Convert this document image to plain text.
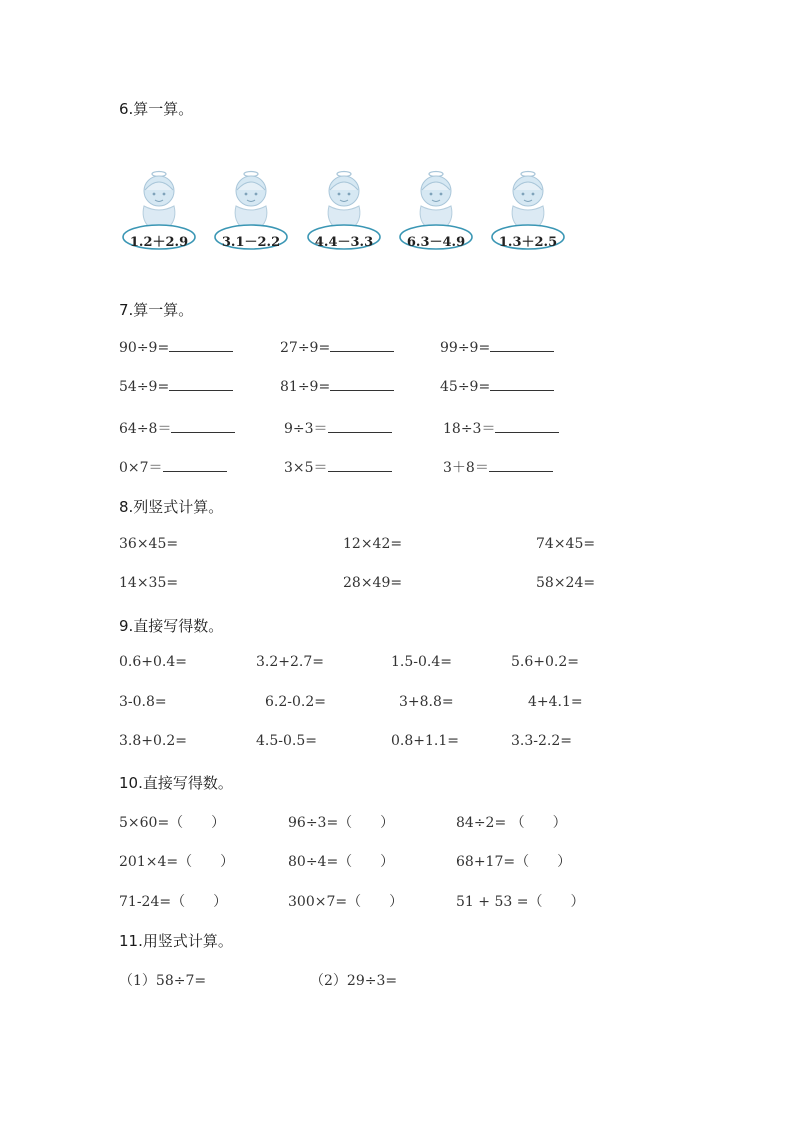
6.算一算。
1.2＋2.9	3.1－2.2	4.4－3.3	6.3－4.9	1.3＋2.5
7.算一算。
90÷9=	27÷9=	99÷9=
54÷9=	81÷9=	45÷9=
64÷8＝	9÷3＝	18÷3＝
0×7＝	3×5＝	3＋8＝
8.列竖式计算。
36×45=	12×42=	74×45=
14×35=	28×49=	58×24=
9.直接写得数。
0.6+0.4=	3.2+2.7=	1.5-0.4=	5.6+0.2=
3-0.8=	6.2-0.2=	3+8.8=	4+4.1=
3.8+0.2=	4.5-0.5=	0.8+1.1=	3.3-2.2=
10.直接写得数。
5×60=（　　）	96÷3=（　　）	84÷2= （　　）
201×4=（　　）	80÷4=（　　）	68+17=（　　）
71-24=（　　）	300×7=（　　）	51 + 53 =（　　）
11.用竖式计算。
（1）58÷7=	（2）29÷3=
